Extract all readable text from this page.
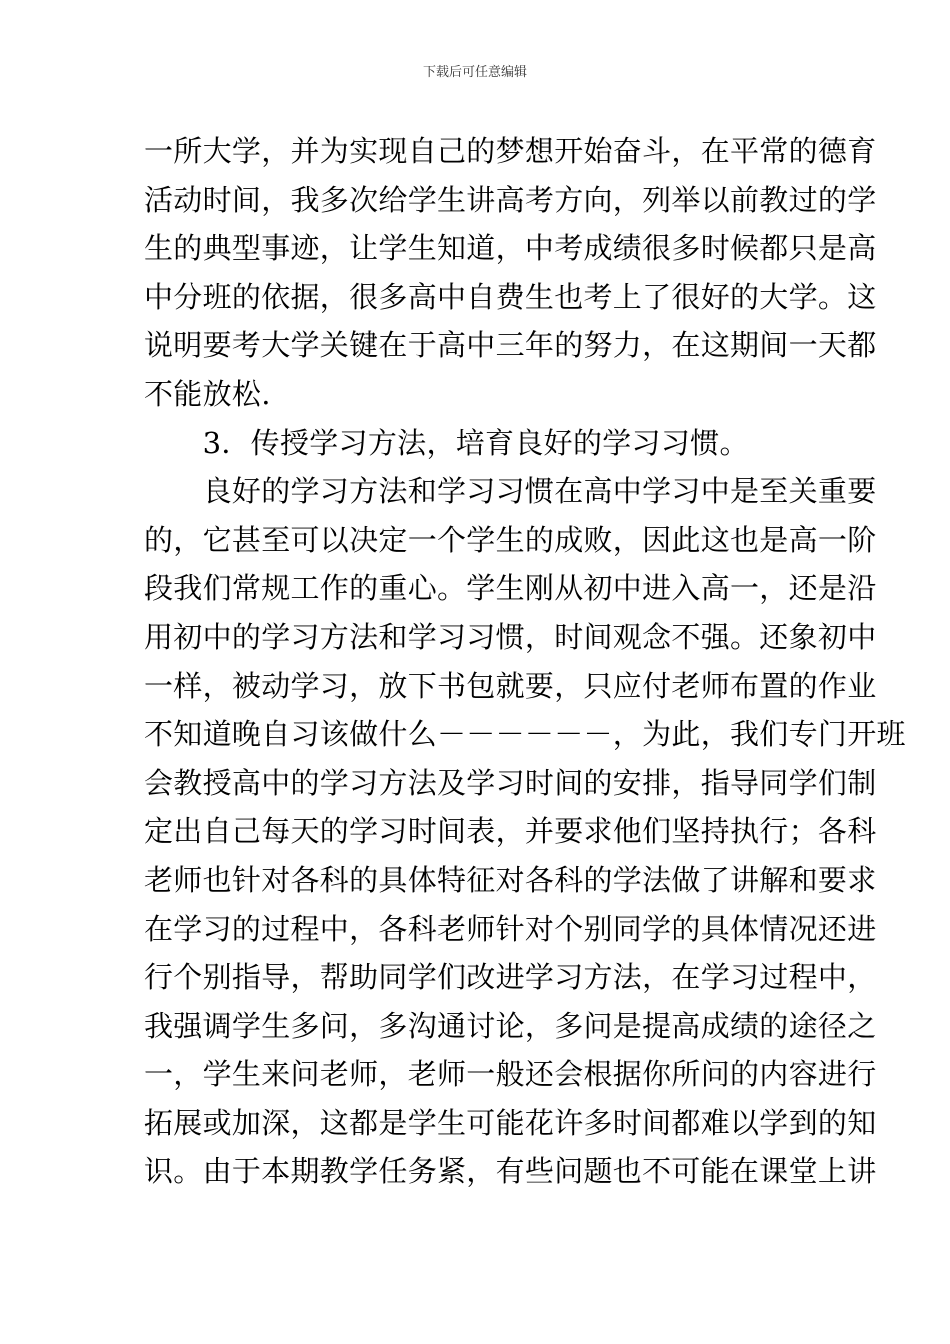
下载后可任意编辑
一所大学，并为实现自己的梦想开始奋斗，在平常的德育
活动时间，我多次给学生讲高考方向，列举以前教过的学
生的典型事迹，让学生知道，中考成绩很多时候都只是高
中分班的依据，很多高中自费生也考上了很好的大学。这
说明要考大学关键在于高中三年的努力，在这期间一天都
不能放松.
　　3．传授学习方法，培育良好的学习习惯。
　　良好的学习方法和学习习惯在高中学习中是至关重要
的，它甚至可以决定一个学生的成败，因此这也是高一阶
段我们常规工作的重心。学生刚从初中进入高一，还是沿
用初中的学习方法和学习习惯，时间观念不强。还象初中
一样，被动学习，放下书包就要，只应付老师布置的作业
不知道晚自习该做什么－－－－－－，为此，我们专门开班
会教授高中的学习方法及学习时间的安排，指导同学们制
定出自己每天的学习时间表，并要求他们坚持执行；各科
老师也针对各科的具体特征对各科的学法做了讲解和要求
在学习的过程中，各科老师针对个别同学的具体情况还进
行个别指导，帮助同学们改进学习方法，在学习过程中，
我强调学生多问，多沟通讨论，多问是提高成绩的途径之
一，学生来问老师，老师一般还会根据你所问的内容进行
拓展或加深，这都是学生可能花许多时间都难以学到的知
识。由于本期教学任务紧，有些问题也不可能在课堂上讲
